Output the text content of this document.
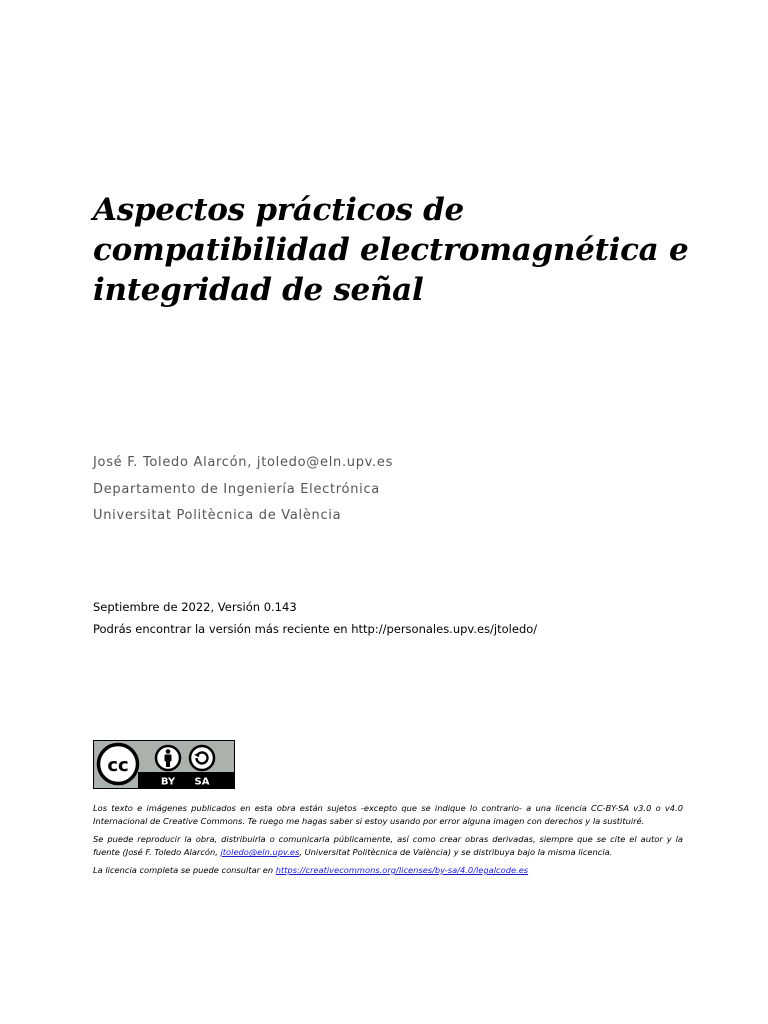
Aspectos prácticos de
compatibilidad electromagnética e
integridad de señal
José F. Toledo Alarcón, jtoledo@eln.upv.es
Departamento de Ingeniería Electrónica
Universitat Politècnica de València
Septiembre de 2022, Versión 0.143
Podrás encontrar la versión más reciente en http://personales.upv.es/jtoledo/
cc
BY SA

Los texto e imágenes publicados en esta obra están sujetos -excepto que se indique lo contrario- a una licencia CC-BY-SA v3.0 o v4.0 Internacional de Creative Commons. Te ruego me hagas saber si estoy usando por error alguna imagen con derechos y la sustituiré.

Se puede reproducir la obra, distribuirla o comunicarla públicamente, así como crear obras derivadas, siempre que se cite el autor y la fuente (José F. Toledo Alarcón, jtoledo@eln.upv.es, Universitat Politècnica de València) y se distribuya bajo la misma licencia.

La licencia completa se puede consultar en https://creativecommons.org/licenses/by-sa/4.0/legalcode.es
